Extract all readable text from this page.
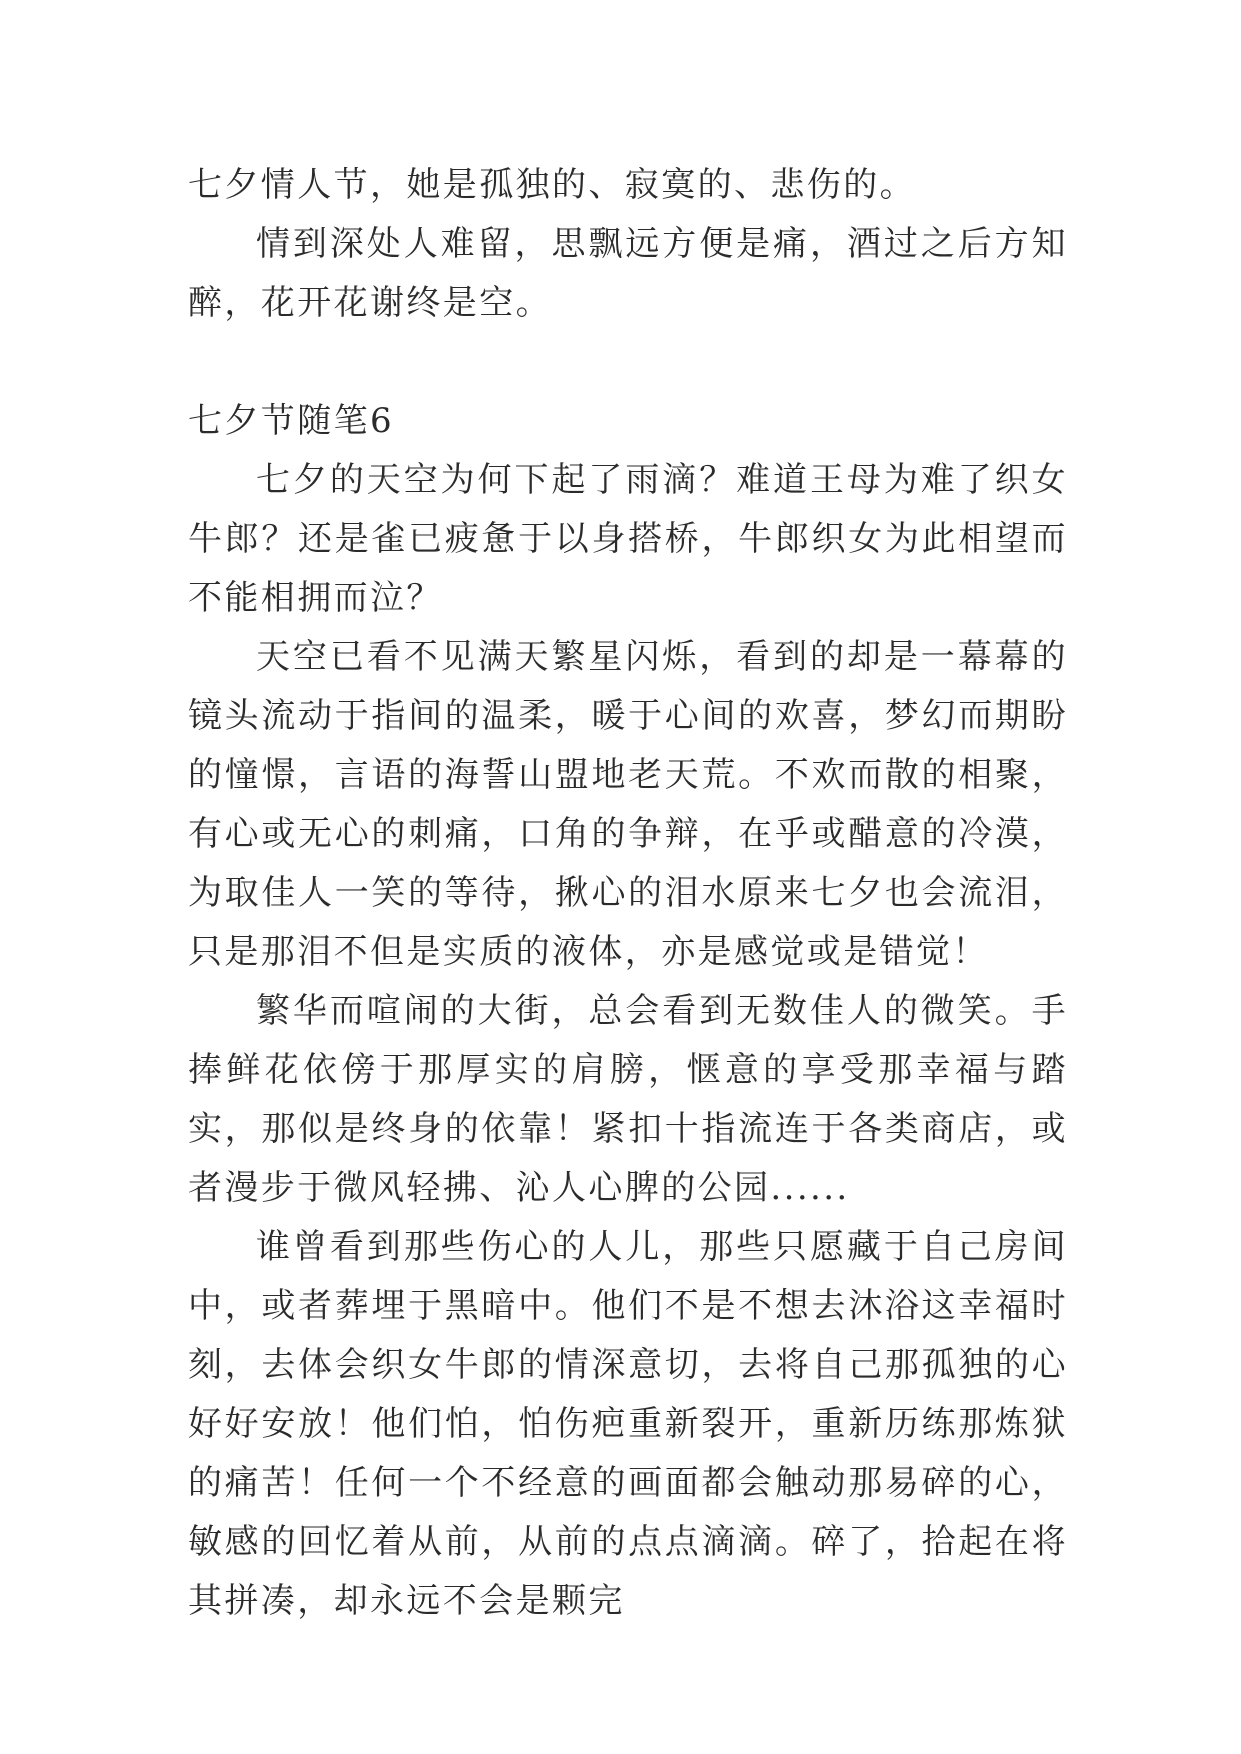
七夕情人节，她是孤独的、寂寞的、悲伤的。

情到深处人难留，思飘远方便是痛，酒过之后方知醉，花开花谢终是空。

七夕节随笔6

七夕的天空为何下起了雨滴？难道王母为难了织女牛郎？还是雀已疲惫于以身搭桥，牛郎织女为此相望而不能相拥而泣？

天空已看不见满天繁星闪烁，看到的却是一幕幕的镜头流动于指间的温柔，暖于心间的欢喜，梦幻而期盼的憧憬，言语的海誓山盟地老天荒。不欢而散的相聚，有心或无心的刺痛，口角的争辩，在乎或醋意的冷漠，为取佳人一笑的等待，揪心的泪水原来七夕也会流泪，只是那泪不但是实质的液体，亦是感觉或是错觉！

繁华而喧闹的大街，总会看到无数佳人的微笑。手捧鲜花依傍于那厚实的肩膀，惬意的享受那幸福与踏实，那似是终身的依靠！紧扣十指流连于各类商店，或者漫步于微风轻拂、沁人心脾的公园......

谁曾看到那些伤心的人儿，那些只愿藏于自己房间中，或者葬埋于黑暗中。他们不是不想去沐浴这幸福时刻，去体会织女牛郎的情深意切，去将自己那孤独的心好好安放！他们怕，怕伤疤重新裂开，重新历练那炼狱的痛苦！任何一个不经意的画面都会触动那易碎的心，敏感的回忆着从前，从前的点点滴滴。碎了，拾起在将其拼凑，却永远不会是颗完
